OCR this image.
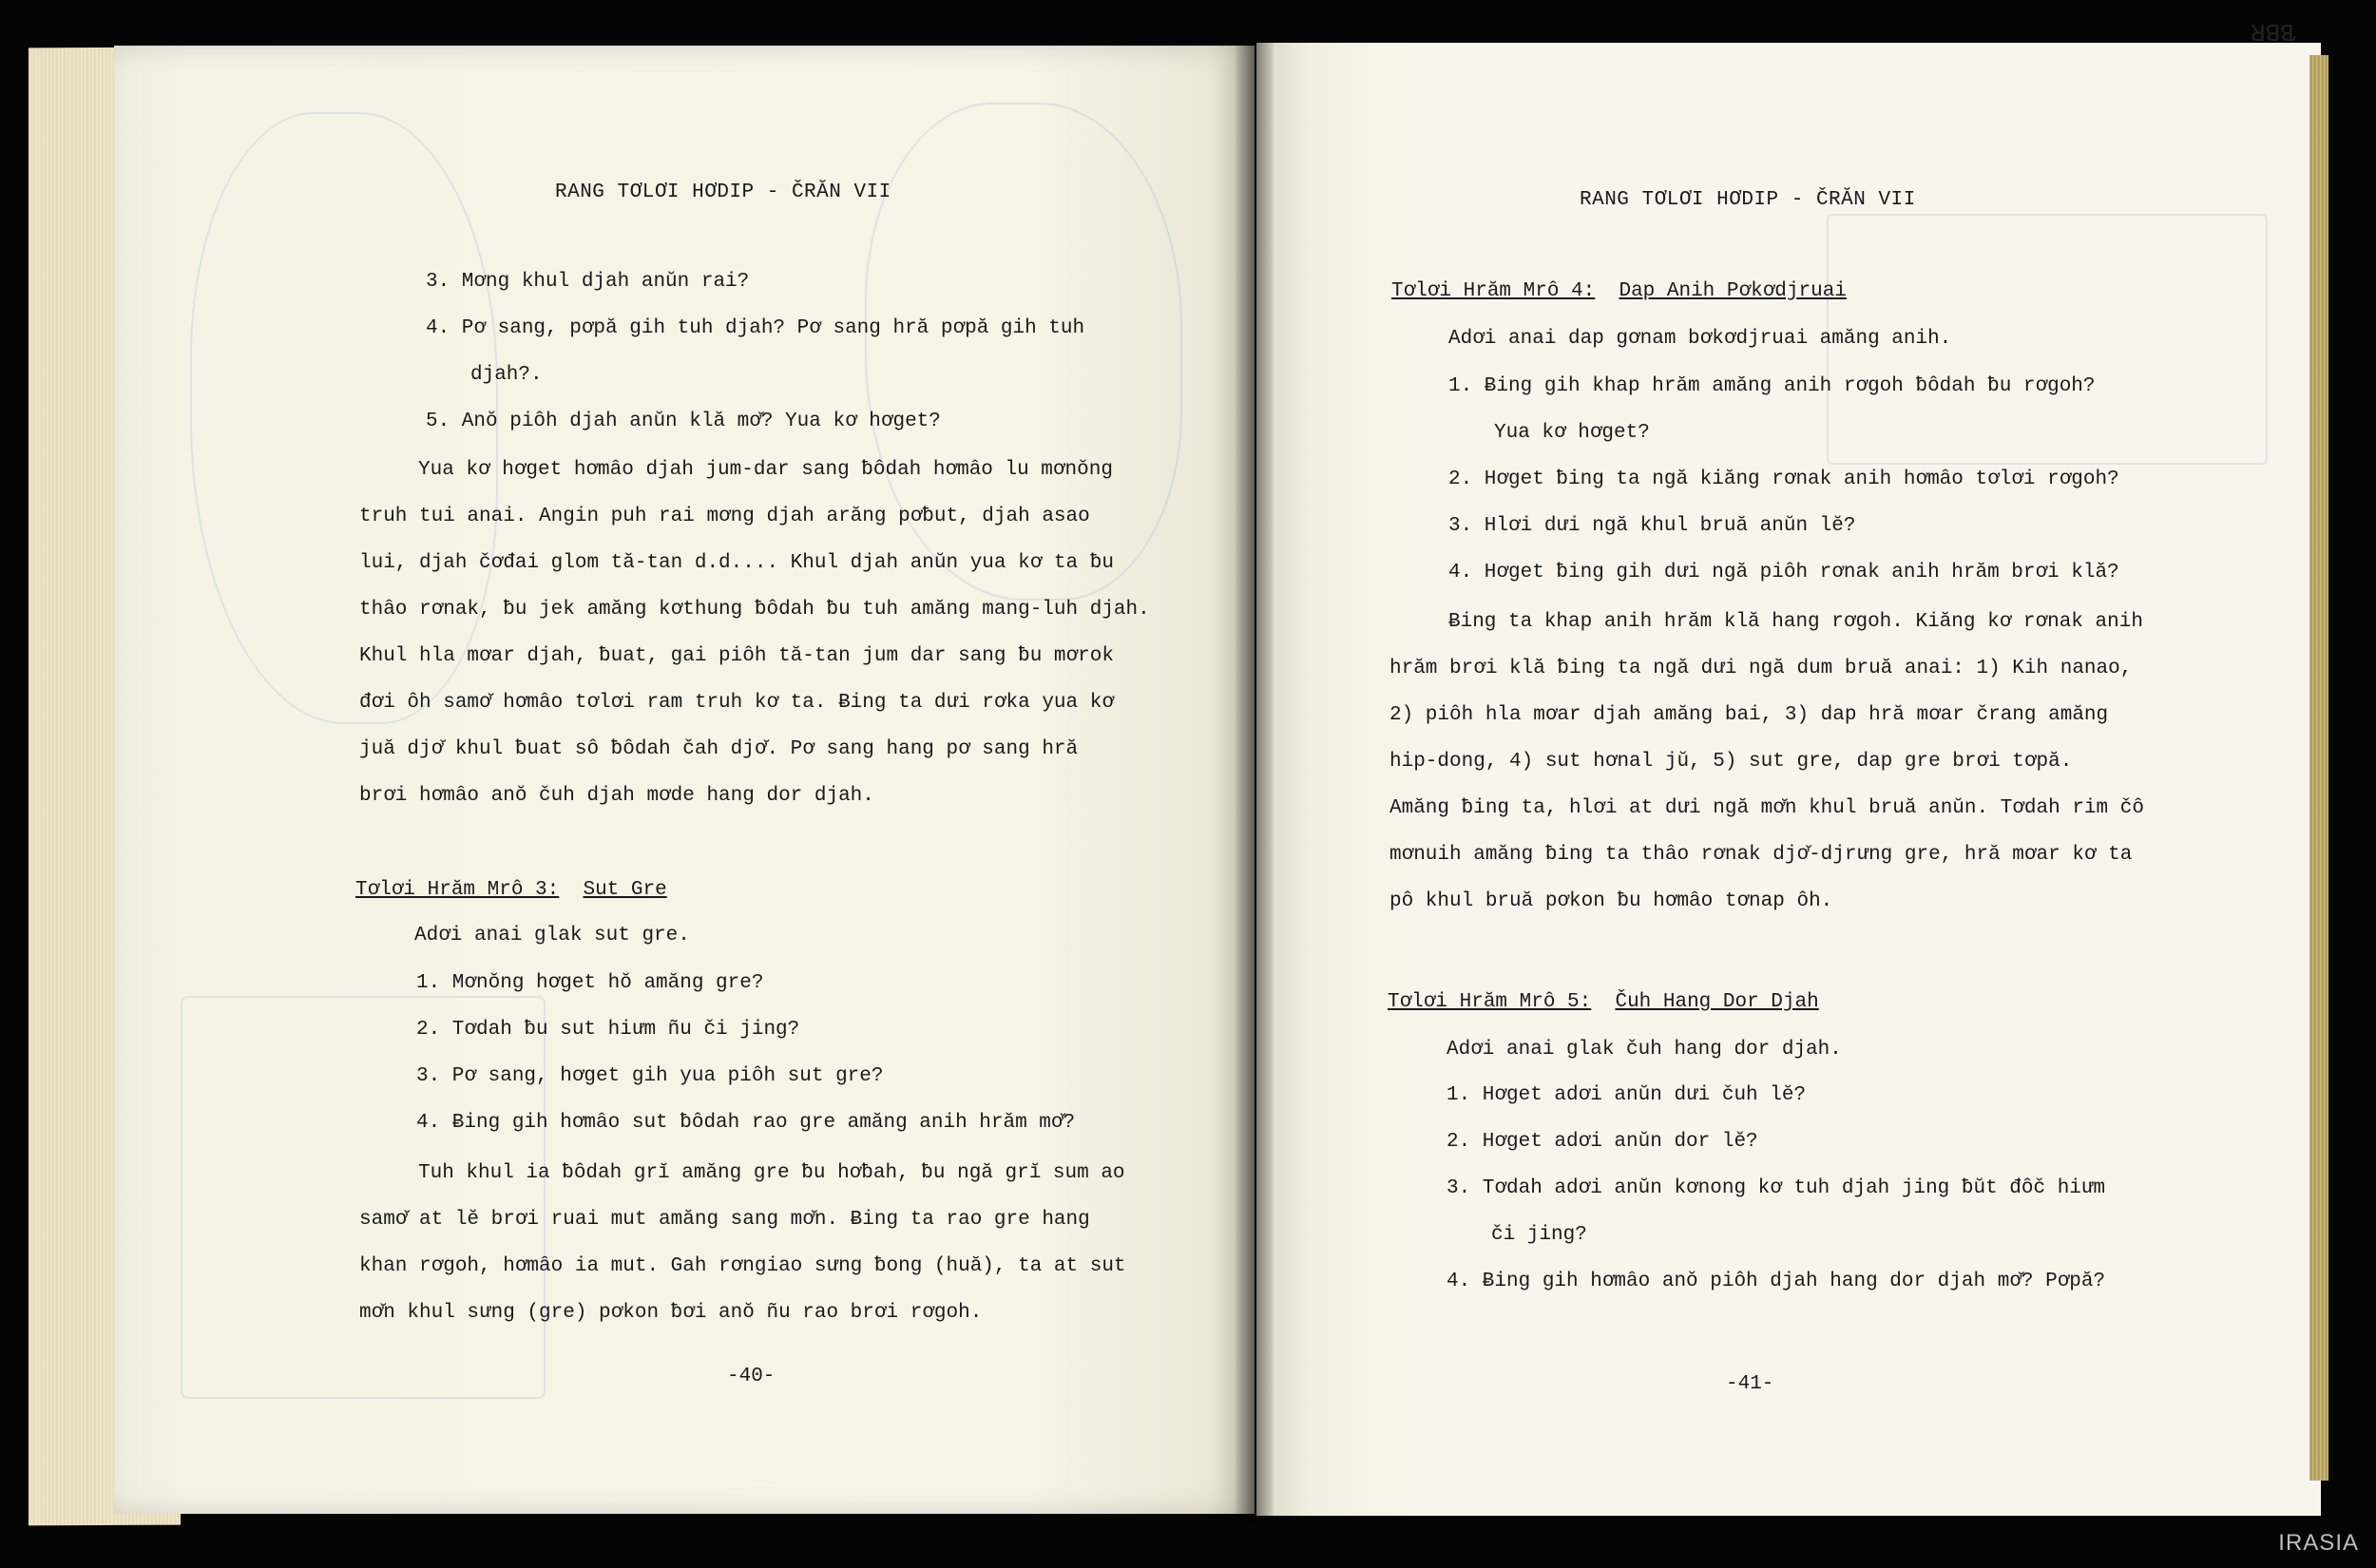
ƁBR
RANG TƠLƠI HƠDIP - ČRĂN VII
3. Mơng khul djah anŭn rai?
4. Pơ sang, pơpă gih tuh djah? Pơ sang hră pơpă gih tuh
djah?.
5. Anŏ piôh djah anŭn klă mơ̆? Yua kơ hơget?
Yua kơ hơget hơmâo djah jum-dar sang ƀôdah hơmâo lu mơnŏng
truh tui anai. Angin puh rai mơng djah arăng pơƀut, djah asao
lui, djah čơđai glom tă-tan d.d.... Khul djah anŭn yua kơ ta ƀu
thâo rơnak, ƀu jek amăng kơthung ƀôdah ƀu tuh amăng mang-luh djah.
Khul hla mơar djah, ƀuat, gai piôh tă-tan jum dar sang ƀu mơrok
đơi ôh samơ̆ hơmâo tơlơi ram truh kơ ta. Ƀing ta dưi rơka yua kơ
juă djơ̆ khul ƀuat sô ƀôdah čah djơ̆. Pơ sang hang pơ sang hră
brơi hơmâo anŏ čuh djah mơde hang dor djah.
Tơlơi Hrăm Mrô 3: Sut Gre
Adơi anai glak sut gre.
1. Mơnŏng hơget hŏ amăng gre?
2. Tơdah ƀu sut hiưm ñu či jing?
3. Pơ sang, hơget gih yua piôh sut gre?
4. Ƀing gih hơmâo sut ƀôdah rao gre amăng anih hrăm mơ̆?
Tuh khul ia ƀôdah grĭ amăng gre ƀu hơƀah, ƀu ngă grĭ sum ao
samơ̆ at lĕ brơi ruai mut amăng sang mơ̆n. Ƀing ta rao gre hang
khan rơgoh, hơmâo ia mut. Gah rơngiao sưng ƀong (huă), ta at sut
mơ̆n khul sưng (gre) pơkon ƀơi anŏ ñu rao brơi rơgoh.
-40-
RANG TƠLƠI HƠDIP - ČRĂN VII
Tơlơi Hrăm Mrô 4: Dap Anih Pơkơdjruai
Adơi anai dap gơnam bơkơdjruai amăng anih.
1. Ƀing gih khap hrăm amăng anih rơgoh ƀôdah ƀu rơgoh?
Yua kơ hơget?
2. Hơget ƀing ta ngă kiăng rơnak anih hơmâo tơlơi rơgoh?
3. Hlơi dưi ngă khul bruă anŭn lĕ?
4. Hơget ƀing gih dưi ngă piôh rơnak anih hrăm brơi klă?
Ƀing ta khap anih hrăm klă hang rơgoh. Kiăng kơ rơnak anih
hrăm brơi klă ƀing ta ngă dưi ngă dum bruă anai: 1) Kih nanao,
2) piôh hla mơar djah amăng bai, 3) dap hră mơar črang amăng
hip-dong, 4) sut hơnal jŭ, 5) sut gre, dap gre brơi tơpă.
Amăng ƀing ta, hlơi at dưi ngă mơ̆n khul bruă anŭn. Tơdah rim čô
mơnuih amăng ƀing ta thâo rơnak djơ̆-djrưng gre, hră mơar kơ ta
pô khul bruă pơkon ƀu hơmâo tơnap ôh.
Tơlơi Hrăm Mrô 5: Čuh Hang Dor Djah
Adơi anai glak čuh hang dor djah.
1. Hơget adơi anŭn dưi čuh lĕ?
2. Hơget adơi anŭn dor lĕ?
3. Tơdah adơi anŭn kơnong kơ tuh djah jing ƀŭt đôč hiưm
či jing?
4. Ƀing gih hơmâo anŏ piôh djah hang dor djah mơ̆? Pơpă?
-41-
IRASIA
